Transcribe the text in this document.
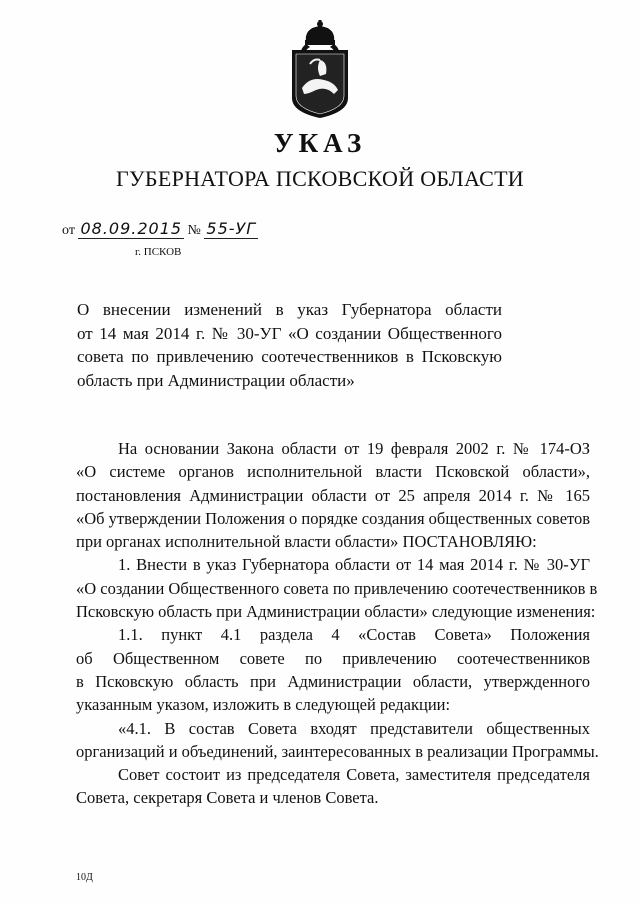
УКАЗ
ГУБЕРНАТОРА ПСКОВСКОЙ ОБЛАСТИ
от 08.09.2015 № 55-УГ
г. ПСКОВ
О внесении изменений в указ Губернатора области
от 14 мая 2014 г. № 30-УГ «О создании Общественного
совета по привлечению соотечественников в Псковскую
область при Администрации области»
На основании Закона области от 19 февраля 2002 г. № 174-ОЗ
«О системе органов исполнительной власти Псковской области»,
постановления Администрации области от 25 апреля 2014 г. № 165
«Об утверждении Положения о порядке создания общественных советов
при органах исполнительной власти области» ПОСТАНОВЛЯЮ:
1. Внести в указ Губернатора области от 14 мая 2014 г. № 30-УГ
«О создании Общественного совета по привлечению соотечественников в
Псковскую область при Администрации области» следующие изменения:
1.1. пункт 4.1 раздела 4 «Состав Совета» Положения
об Общественном совете по привлечению соотечественников
в Псковскую область при Администрации области, утвержденного
указанным указом, изложить в следующей редакции:
«4.1. В состав Совета входят представители общественных
организаций и объединений, заинтересованных в реализации Программы.
Совет состоит из председателя Совета, заместителя председателя
Совета, секретаря Совета и членов Совета.
10Д
